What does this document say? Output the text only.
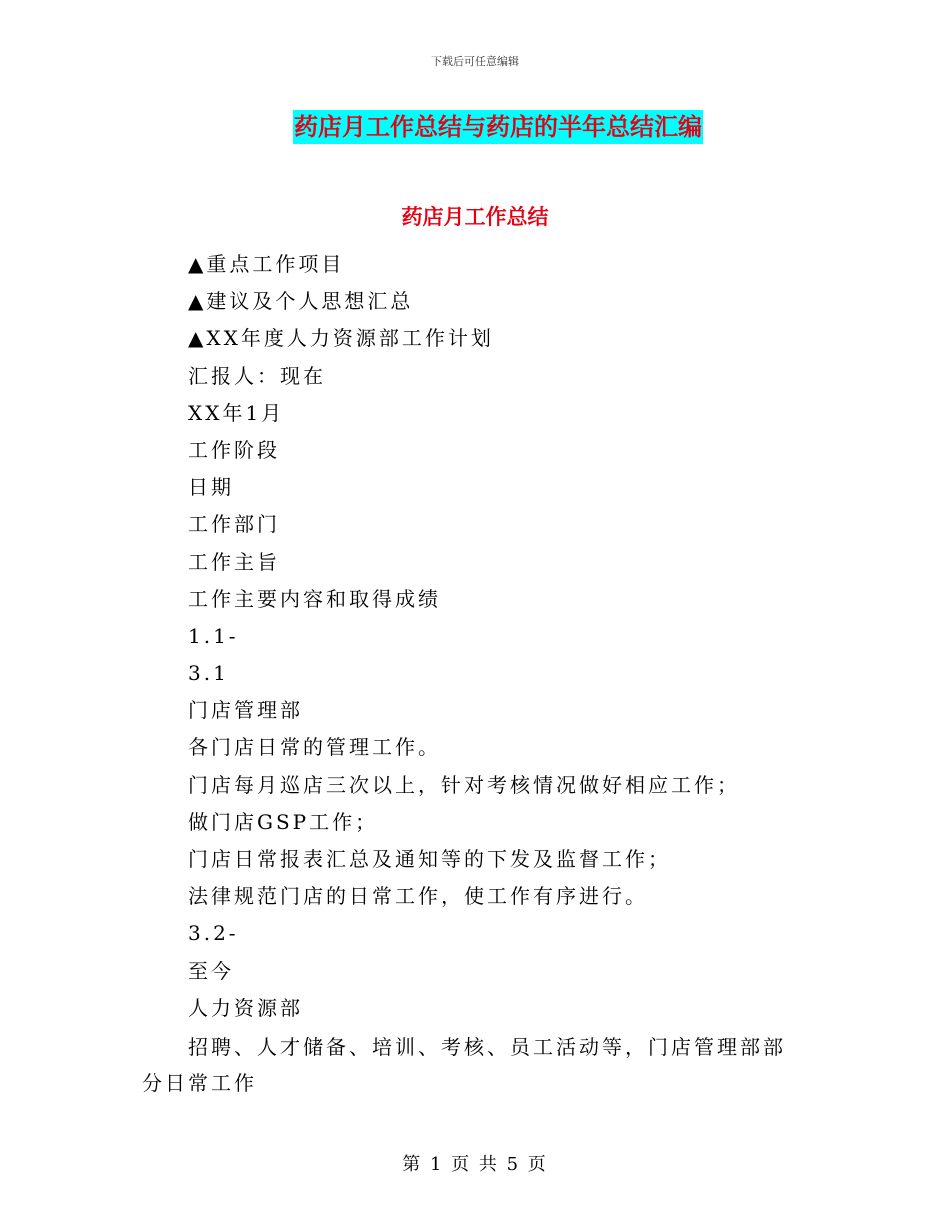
下载后可任意编辑
药店月工作总结与药店的半年总结汇编
药店月工作总结
▲重点工作项目
▲建议及个人思想汇总
▲XX年度人力资源部工作计划
汇报人：现在
XX年1月
工作阶段
日期
工作部门
工作主旨
工作主要内容和取得成绩
1.1-
3.1
门店管理部
各门店日常的管理工作。
门店每月巡店三次以上，针对考核情况做好相应工作；
做门店GSP工作；
门店日常报表汇总及通知等的下发及监督工作；
法律规范门店的日常工作，使工作有序进行。
3.2-
至今
人力资源部

招聘、人才储备、培训、考核、员工活动等，门店管理部部分日常工作

第 1 页 共 5 页
